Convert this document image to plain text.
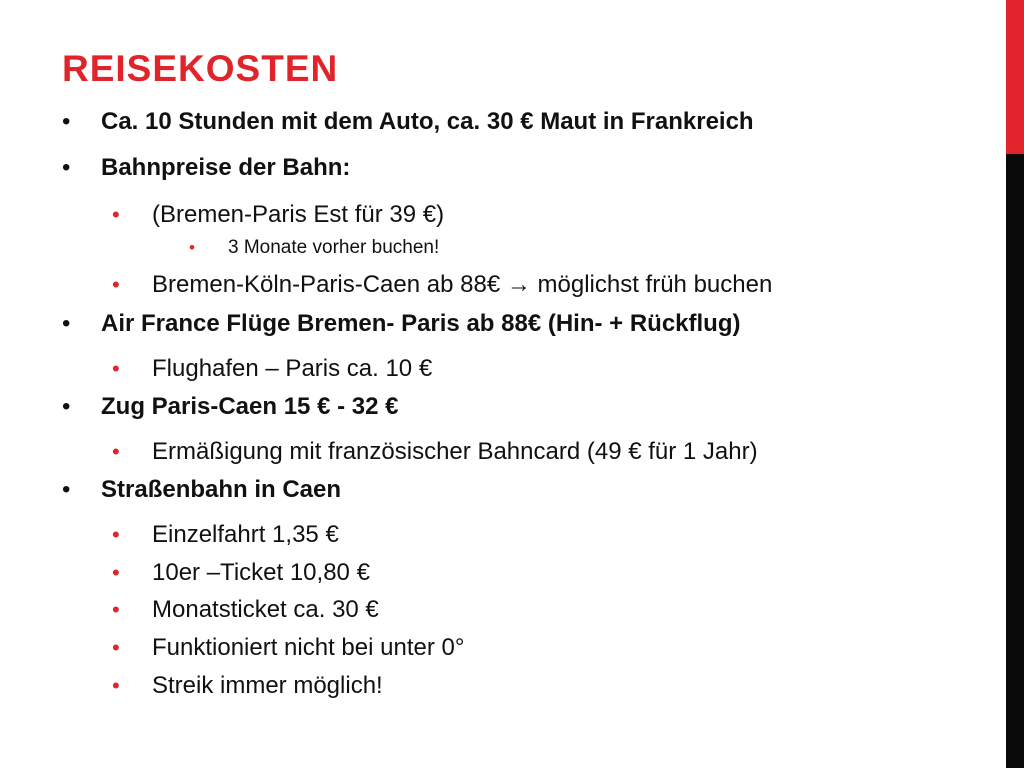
REISEKOSTEN
• Ca. 10 Stunden mit dem Auto, ca. 30 € Maut in Frankreich
• Bahnpreise der Bahn:
• (Bremen-Paris Est für 39 €)
• 3 Monate vorher buchen!
• Bremen-Köln-Paris-Caen ab 88€ → möglichst früh buchen
• Air France Flüge Bremen- Paris ab 88€ (Hin- + Rückflug)
• Flughafen – Paris ca. 10 €
• Zug Paris-Caen 15 € - 32 €
• Ermäßigung mit französischer Bahncard (49 € für 1 Jahr)
• Straßenbahn in Caen
• Einzelfahrt 1,35 €
• 10er –Ticket 10,80 €
• Monatsticket ca. 30 €
• Funktioniert nicht bei unter 0°
• Streik immer möglich!
